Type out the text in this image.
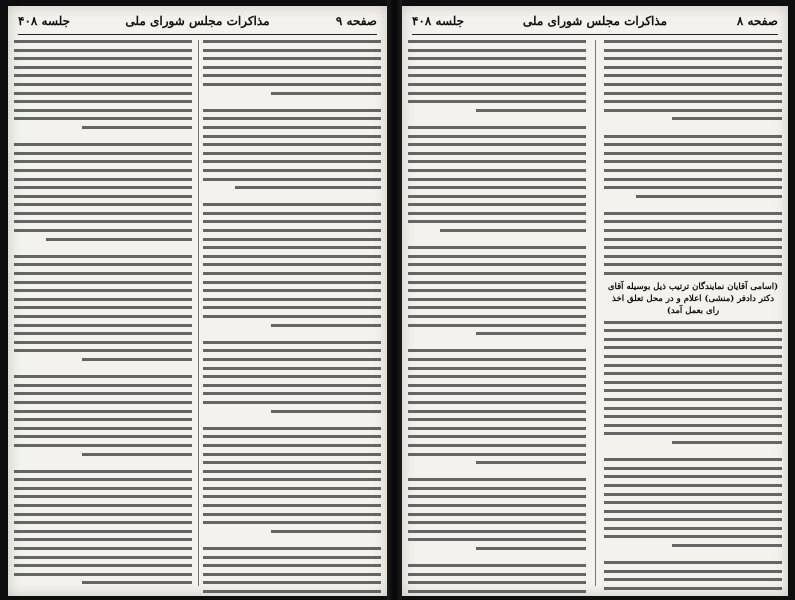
صفحه ۹
مذاکرات مجلس شورای ملی
جلسه ۴۰۸	صفحه ۸
مذاکرات مجلس شورای ملی
جلسه ۴۰۸
(اسامی آقایان نمایندگان ترتیب ذیل بوسیله آقای دکتر دادفر (منشی) اعلام و در محل تعلق اخذ رای بعمل آمد)
